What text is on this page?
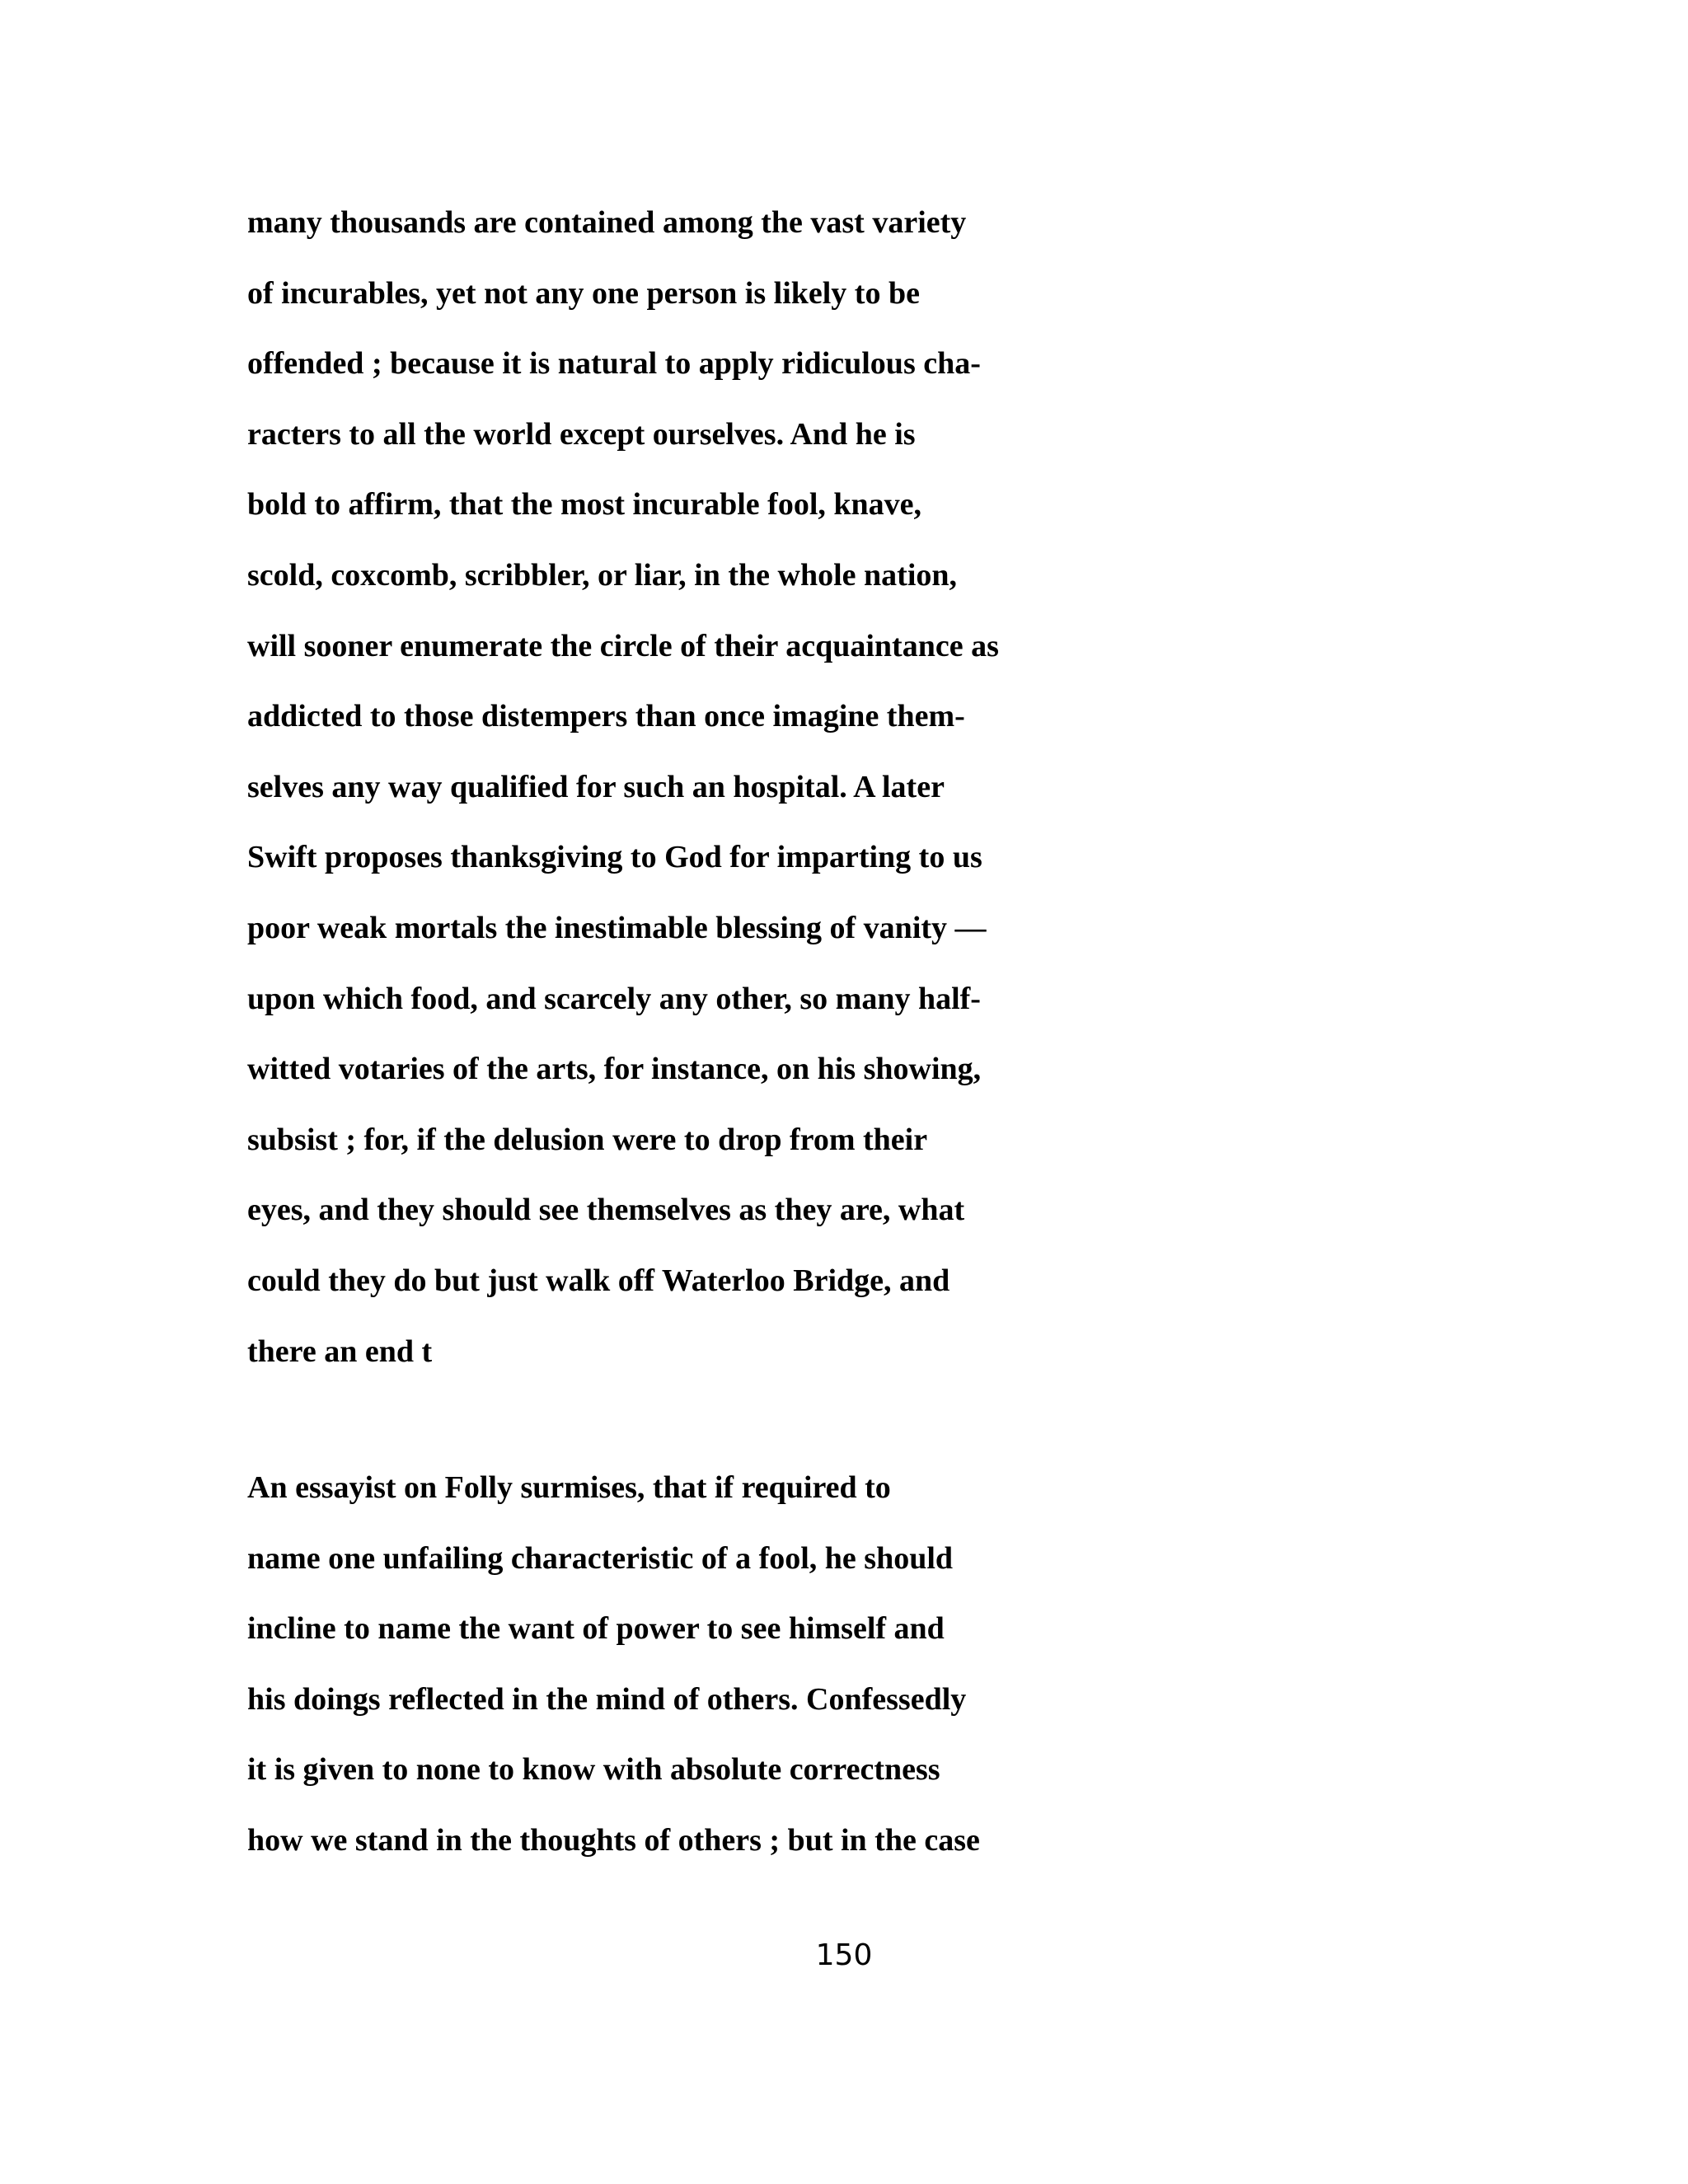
many thousands are contained among the vast variety
of incurables, yet not any one person is likely to be
offended ; because it is natural to apply ridiculous cha-
racters to all the world except ourselves. And he is
bold to affirm, that the most incurable fool, knave,
scold, coxcomb, scribbler, or liar, in the whole nation,
will sooner enumerate the circle of their acquaintance as
addicted to those distempers than once imagine them-
selves any way qualified for such an hospital. A later
Swift proposes thanksgiving to God for imparting to us
poor weak mortals the inestimable blessing of vanity —
upon which food, and scarcely any other, so many half-
witted votaries of the arts, for instance, on his showing,
subsist ; for, if the delusion were to drop from their
eyes, and they should see themselves as they are, what
could they do but just walk off Waterloo Bridge, and
there an end t
An essayist on Folly surmises, that if required to
name one unfailing characteristic of a fool, he should
incline to name the want of power to see himself and
his doings reflected in the mind of others. Confessedly
it is given to none to know with absolute correctness
how we stand in the thoughts of others ; but in the case
150
